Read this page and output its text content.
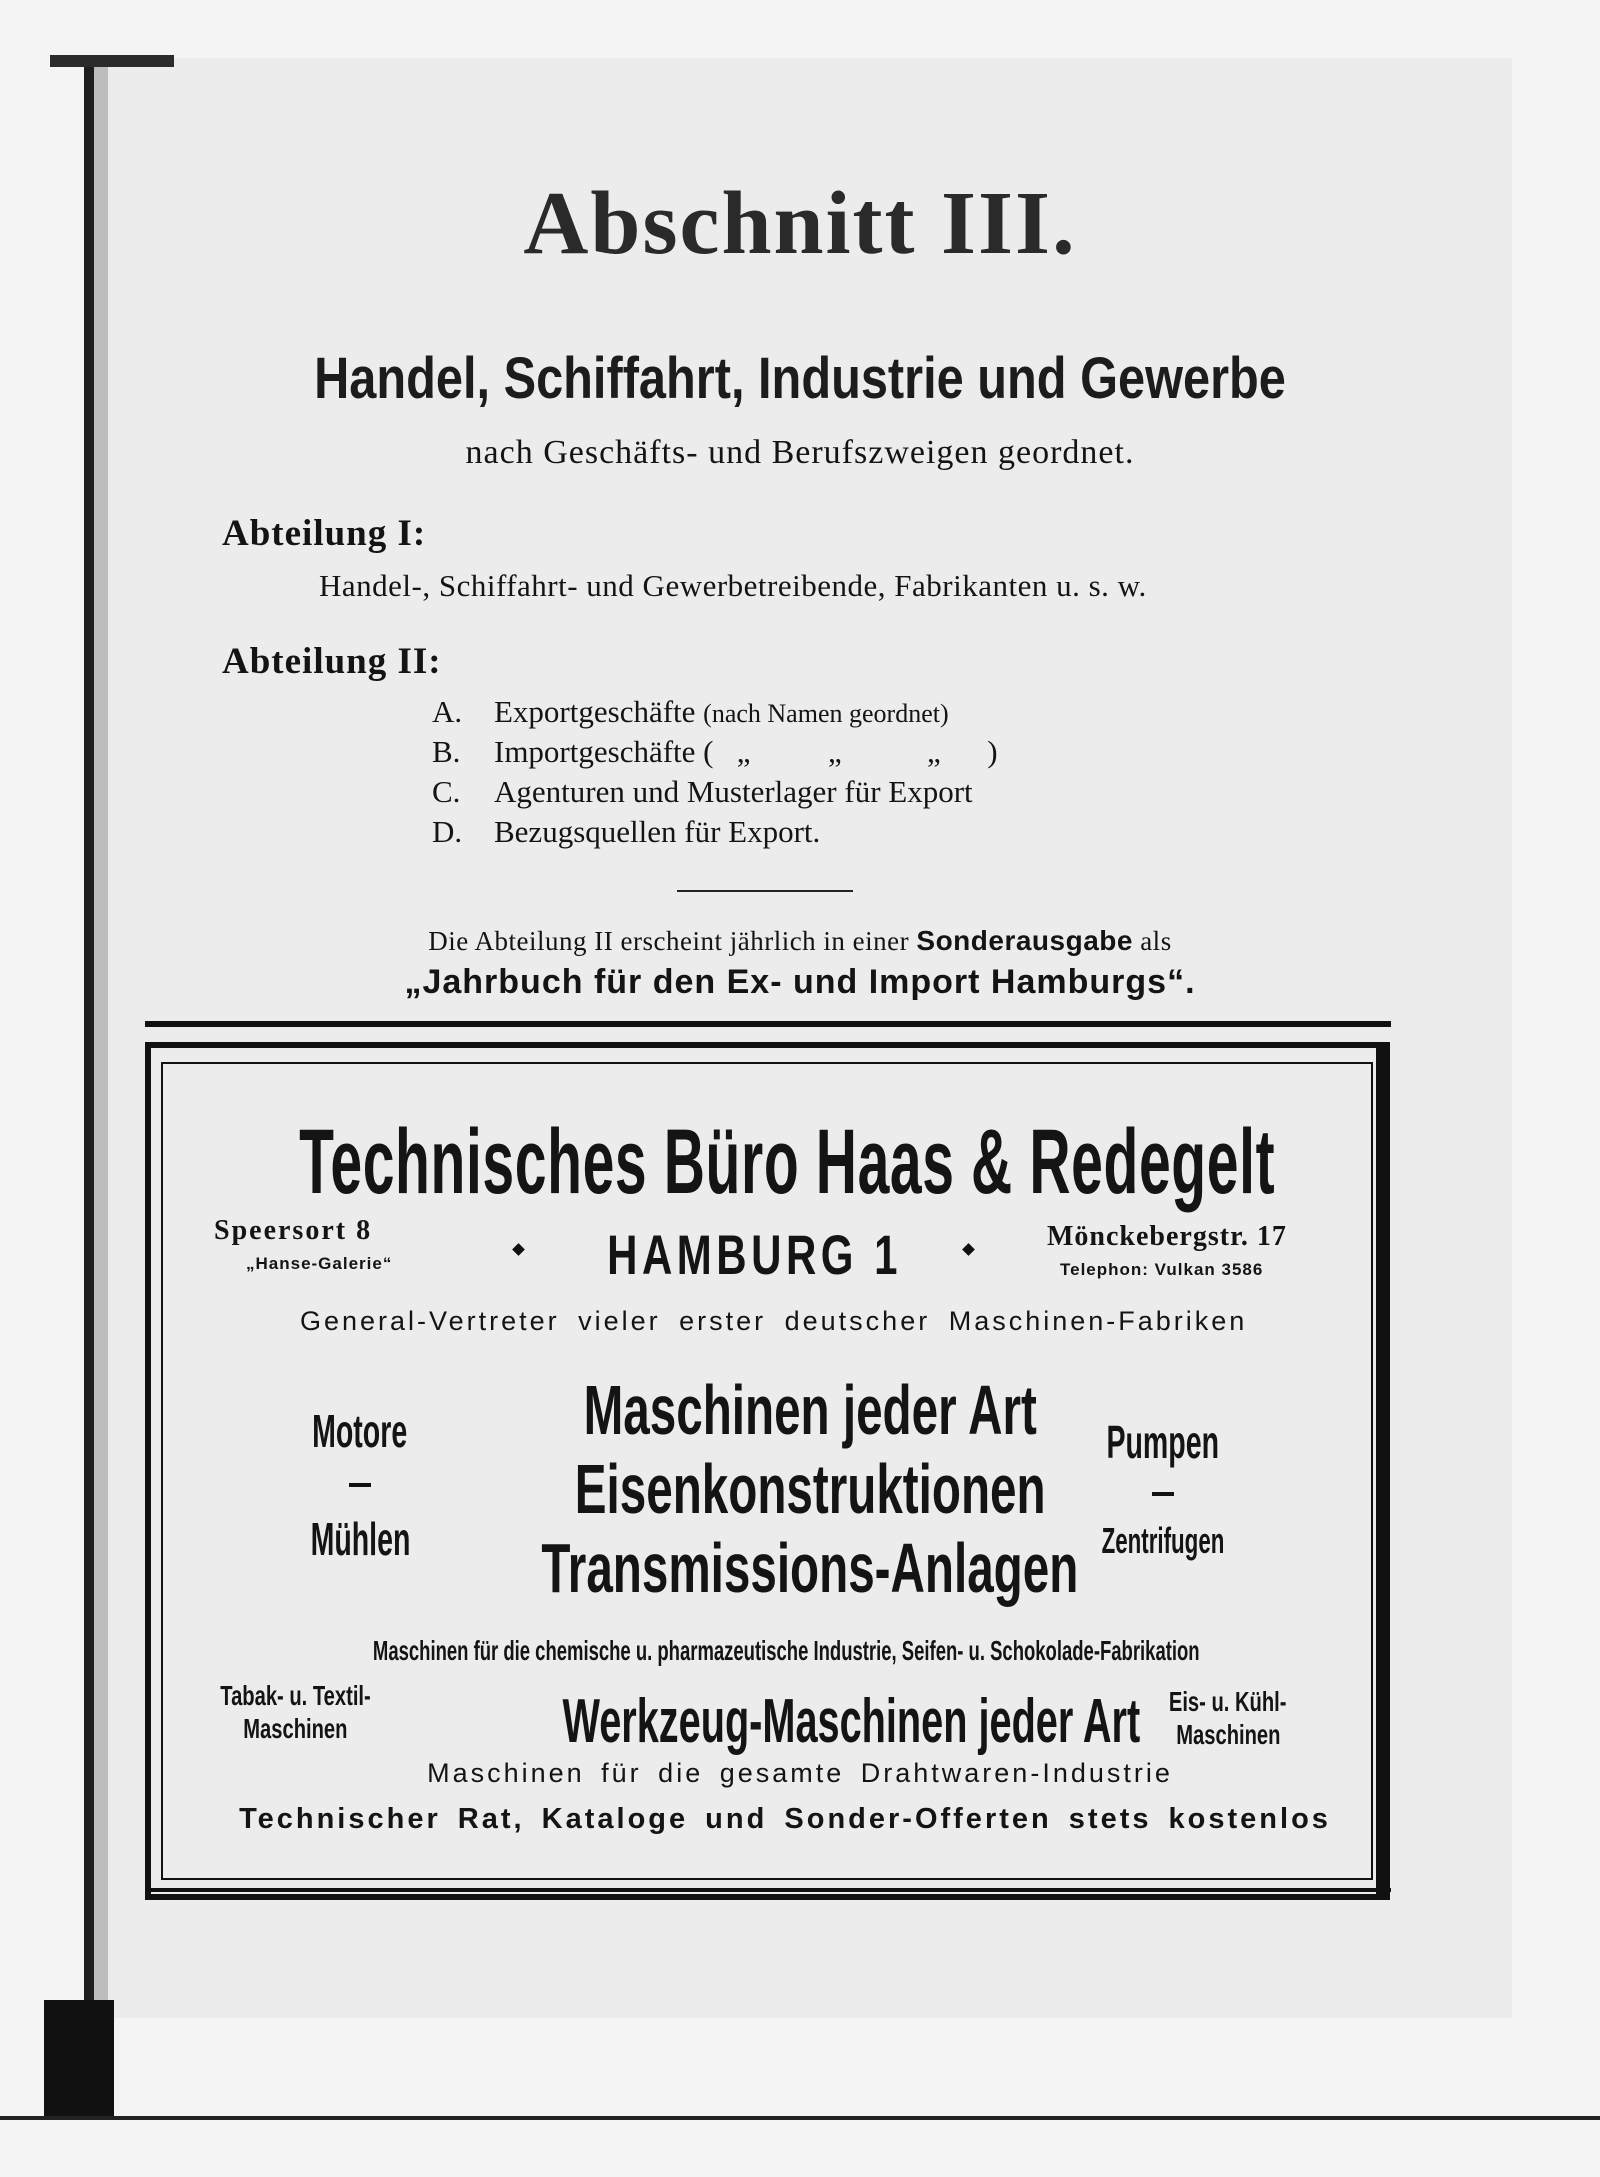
Abschnitt III.
Handel, Schiffahrt, Industrie und Gewerbe
nach Geschäfts- und Berufszweigen geordnet.
Abteilung I:
Handel-, Schiffahrt- und Gewerbetreibende, Fabrikanten u. s. w.
Abteilung II:
A. Exportgeschäfte (nach Namen geordnet)
B. Importgeschäfte (   „          „           „      )
C. Agenturen und Musterlager für Export
D. Bezugsquellen für Export.
Die Abteilung II erscheint jährlich in einer Sonderausgabe als
„Jahrbuch für den Ex- und Import Hamburgs“.
Technisches Büro Haas & Redegelt
Speersort 8
„Hanse-Galerie“	HAMBURG 1	Mönckebergstr. 17
Telephon: Vulkan 3586
General-Vertreter vieler erster deutscher Maschinen-Fabriken
Motore
Mühlen
Maschinen jeder Art
Eisenkonstruktionen
Transmissions-Anlagen
Pumpen
Zentrifugen
Maschinen für die chemische u. pharmazeutische Industrie, Seifen- u. Schokolade-Fabrikation
Tabak- u. Textil-
Maschinen	Werkzeug-Maschinen jeder Art	Eis- u. Kühl-
Maschinen
Maschinen für die gesamte Drahtwaren-Industrie
Technischer Rat, Kataloge und Sonder-Offerten stets kostenlos
